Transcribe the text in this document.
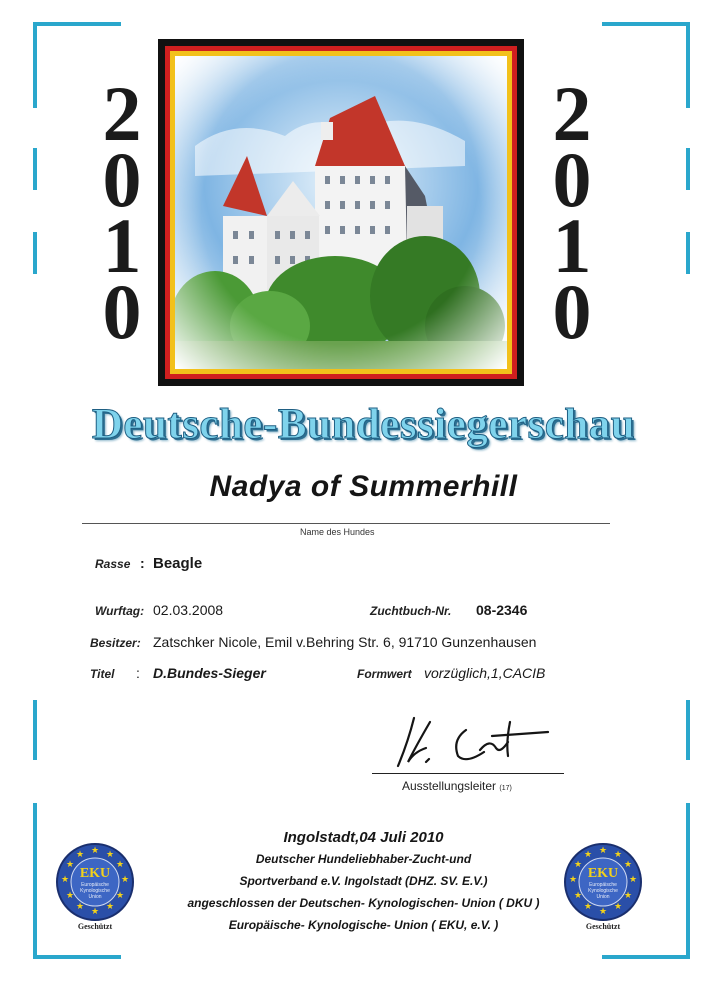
2
0
1
0
2
0
1
0
Deutsche-Bundessiegerschau
Nadya of Summerhill
Name des Hundes
Rasse : Beagle
Wurftag: 02.03.2008	Zuchtbuch-Nr. 08-2346
Besitzer: Zatschker Nicole, Emil v.Behring Str. 6, 91710 Gunzenhausen
Titel : D.Bundes-Sieger	Formwert vorzüglich,1,CACIB
Ausstellungsleiter (17)
Ingolstadt,04 Juli 2010
Deutscher Hundeliebhaber-Zucht-und
Sportverband e.V. Ingolstadt (DHZ. SV. E.V.)
angeschlossen der Deutschen- Kynologischen- Union ( DKU )
Europäische- Kynologische- Union ( EKU, e.V. )
★ ★
★
★
★
★
★
★
★
★
★
★
EKU
Europäische
Kynologische
Union
Geschützt
★ ★
★
★
★
★
★
★
★
★
★
★
EKU
Europäische
Kynologische
Union
Geschützt
